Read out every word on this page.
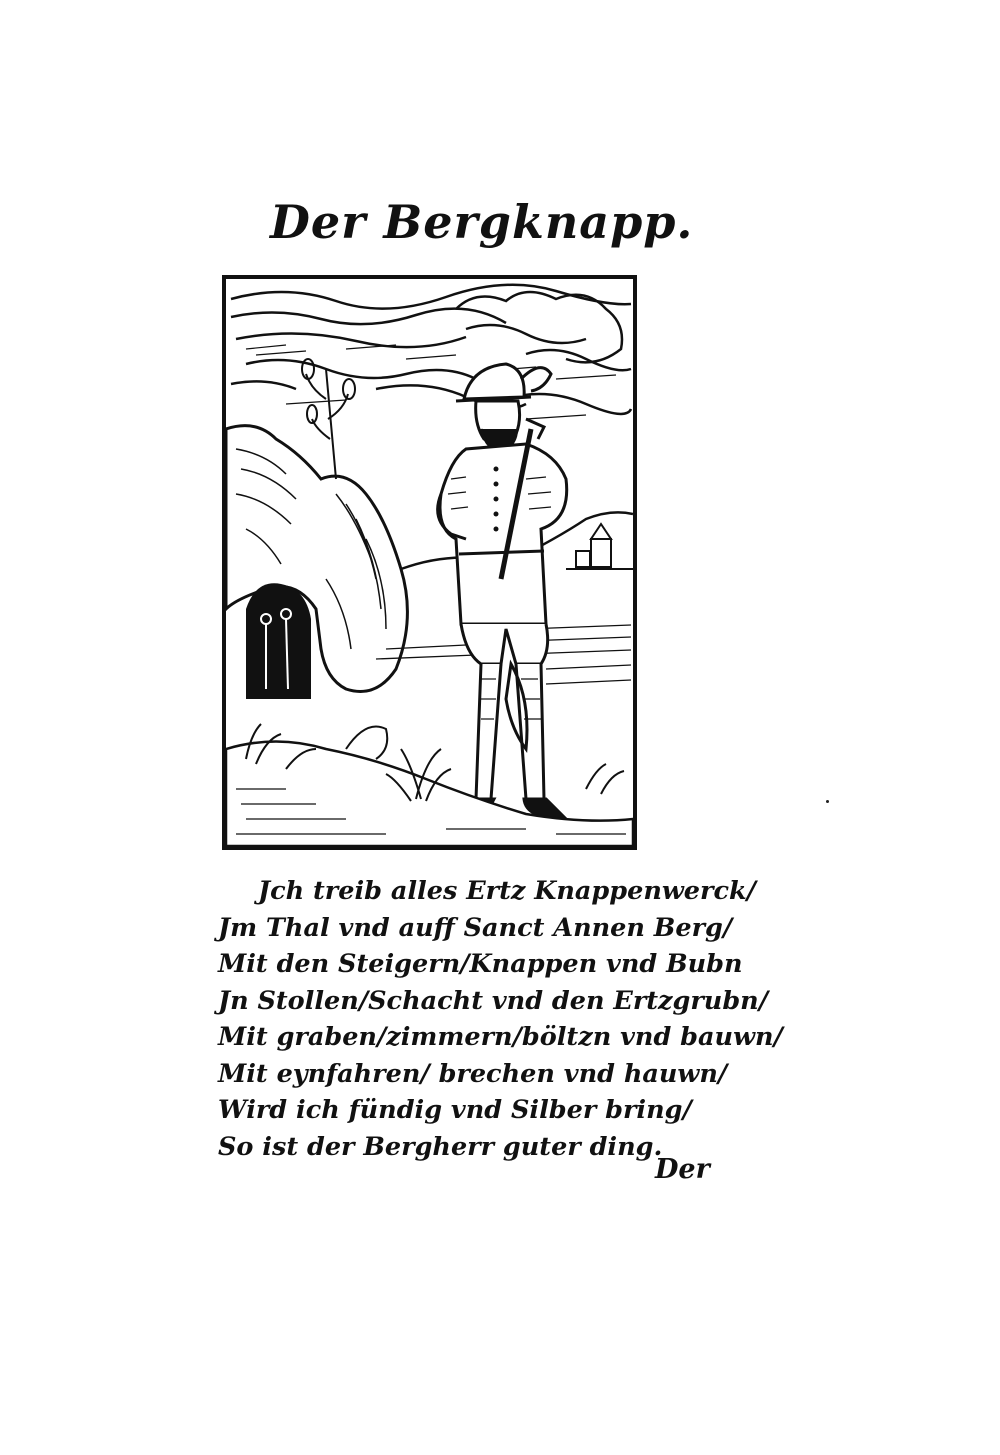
Der Bergknapp.
Jch treib alles Ertz Knappenwerck/
Jm Thal vnd auff Sanct Annen Berg/
Mit den Steigern/Knappen vnd Bubn
Jn Stollen/Schacht vnd den Ertzgrubn/
Mit graben/zimmern/böltzn vnd bauwn/
Mit eynfahren/ brechen vnd hauwn/
Wird ich fündig vnd Silber bring/
So ist der Bergherr guter ding.
Der
